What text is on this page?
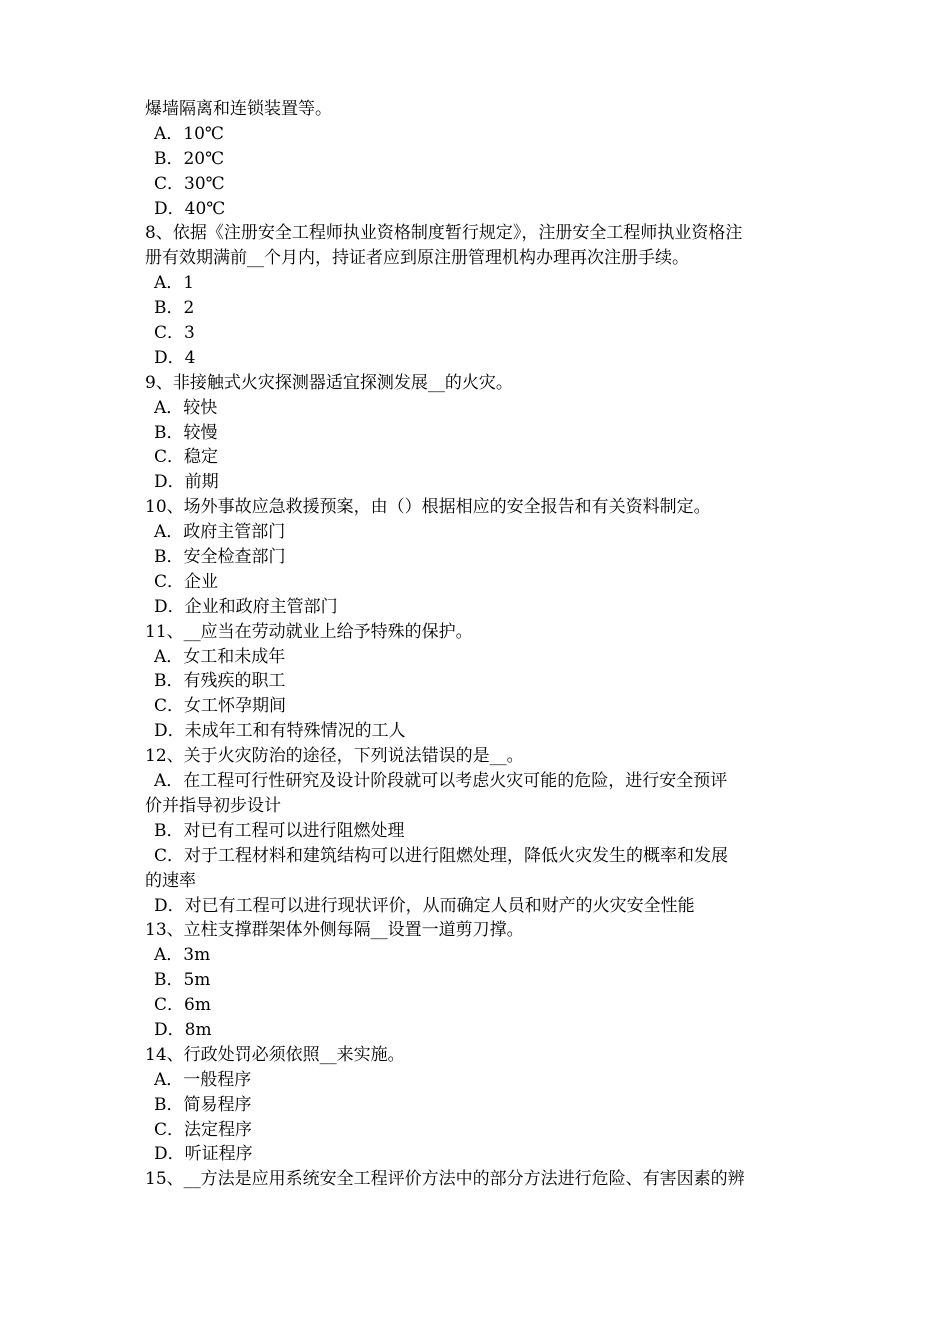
爆墙隔离和连锁装置等。
A．10℃
B．20℃
C．30℃
D．40℃
8、依据《注册安全工程师执业资格制度暂行规定》，注册安全工程师执业资格注
册有效期满前__个月内，持证者应到原注册管理机构办理再次注册手续。
A．1
B．2
C．3
D．4
9、非接触式火灾探测器适宜探测发展__的火灾。
A．较快
B．较慢
C．稳定
D．前期
10、场外事故应急救援预案，由（）根据相应的安全报告和有关资料制定。
A．政府主管部门
B．安全检查部门
C．企业
D．企业和政府主管部门
11、__应当在劳动就业上给予特殊的保护。
A．女工和未成年
B．有残疾的职工
C．女工怀孕期间
D．未成年工和有特殊情况的工人
12、关于火灾防治的途径，下列说法错误的是__。
A．在工程可行性研究及设计阶段就可以考虑火灾可能的危险，进行安全预评
价并指导初步设计
B．对已有工程可以进行阻燃处理
C．对于工程材料和建筑结构可以进行阻燃处理，降低火灾发生的概率和发展
的速率
D．对已有工程可以进行现状评价，从而确定人员和财产的火灾安全性能
13、立柱支撑群架体外侧每隔__设置一道剪刀撑。
A．3m
B．5m
C．6m
D．8m
14、行政处罚必须依照__来实施。
A．一般程序
B．简易程序
C．法定程序
D．听证程序
15、__方法是应用系统安全工程评价方法中的部分方法进行危险、有害因素的辨
